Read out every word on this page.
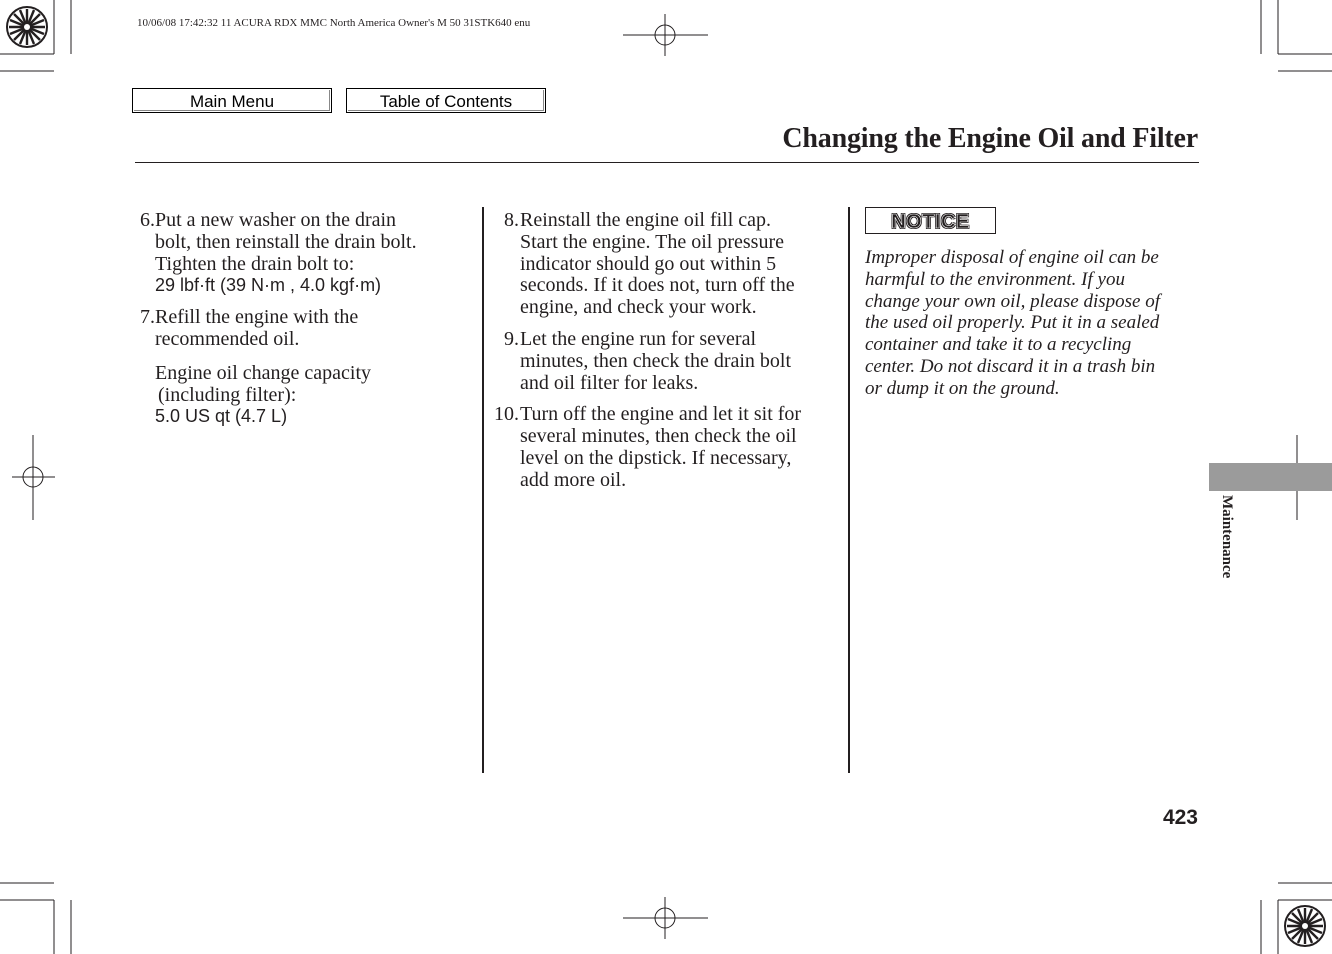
10/06/08 17:42:32 11 ACURA RDX MMC North America Owner's M 50 31STK640 enu
Main Menu	Table of Contents
Changing the Engine Oil and Filter
6. Put a new washer on the drain
bolt, then reinstall the drain bolt.
Tighten the drain bolt to:
29 lbf·ft (39 N·m , 4.0 kgf·m)
7. Refill the engine with the
recommended oil.
Engine oil change capacity
(including filter):
5.0 US qt (4.7 L)
8. Reinstall the engine oil fill cap.
Start the engine. The oil pressure
indicator should go out within 5
seconds. If it does not, turn off the
engine, and check your work.
9. Let the engine run for several
minutes, then check the drain bolt
and oil filter for leaks.
10. Turn off the engine and let it sit for
several minutes, then check the oil
level on the dipstick. If necessary,
add more oil.
NOTICE
Improper disposal of engine oil can be
harmful to the environment. If you
change your own oil, please dispose of
the used oil properly. Put it in a sealed
container and take it to a recycling
center. Do not discard it in a trash bin
or dump it on the ground.
Maintenance
423
